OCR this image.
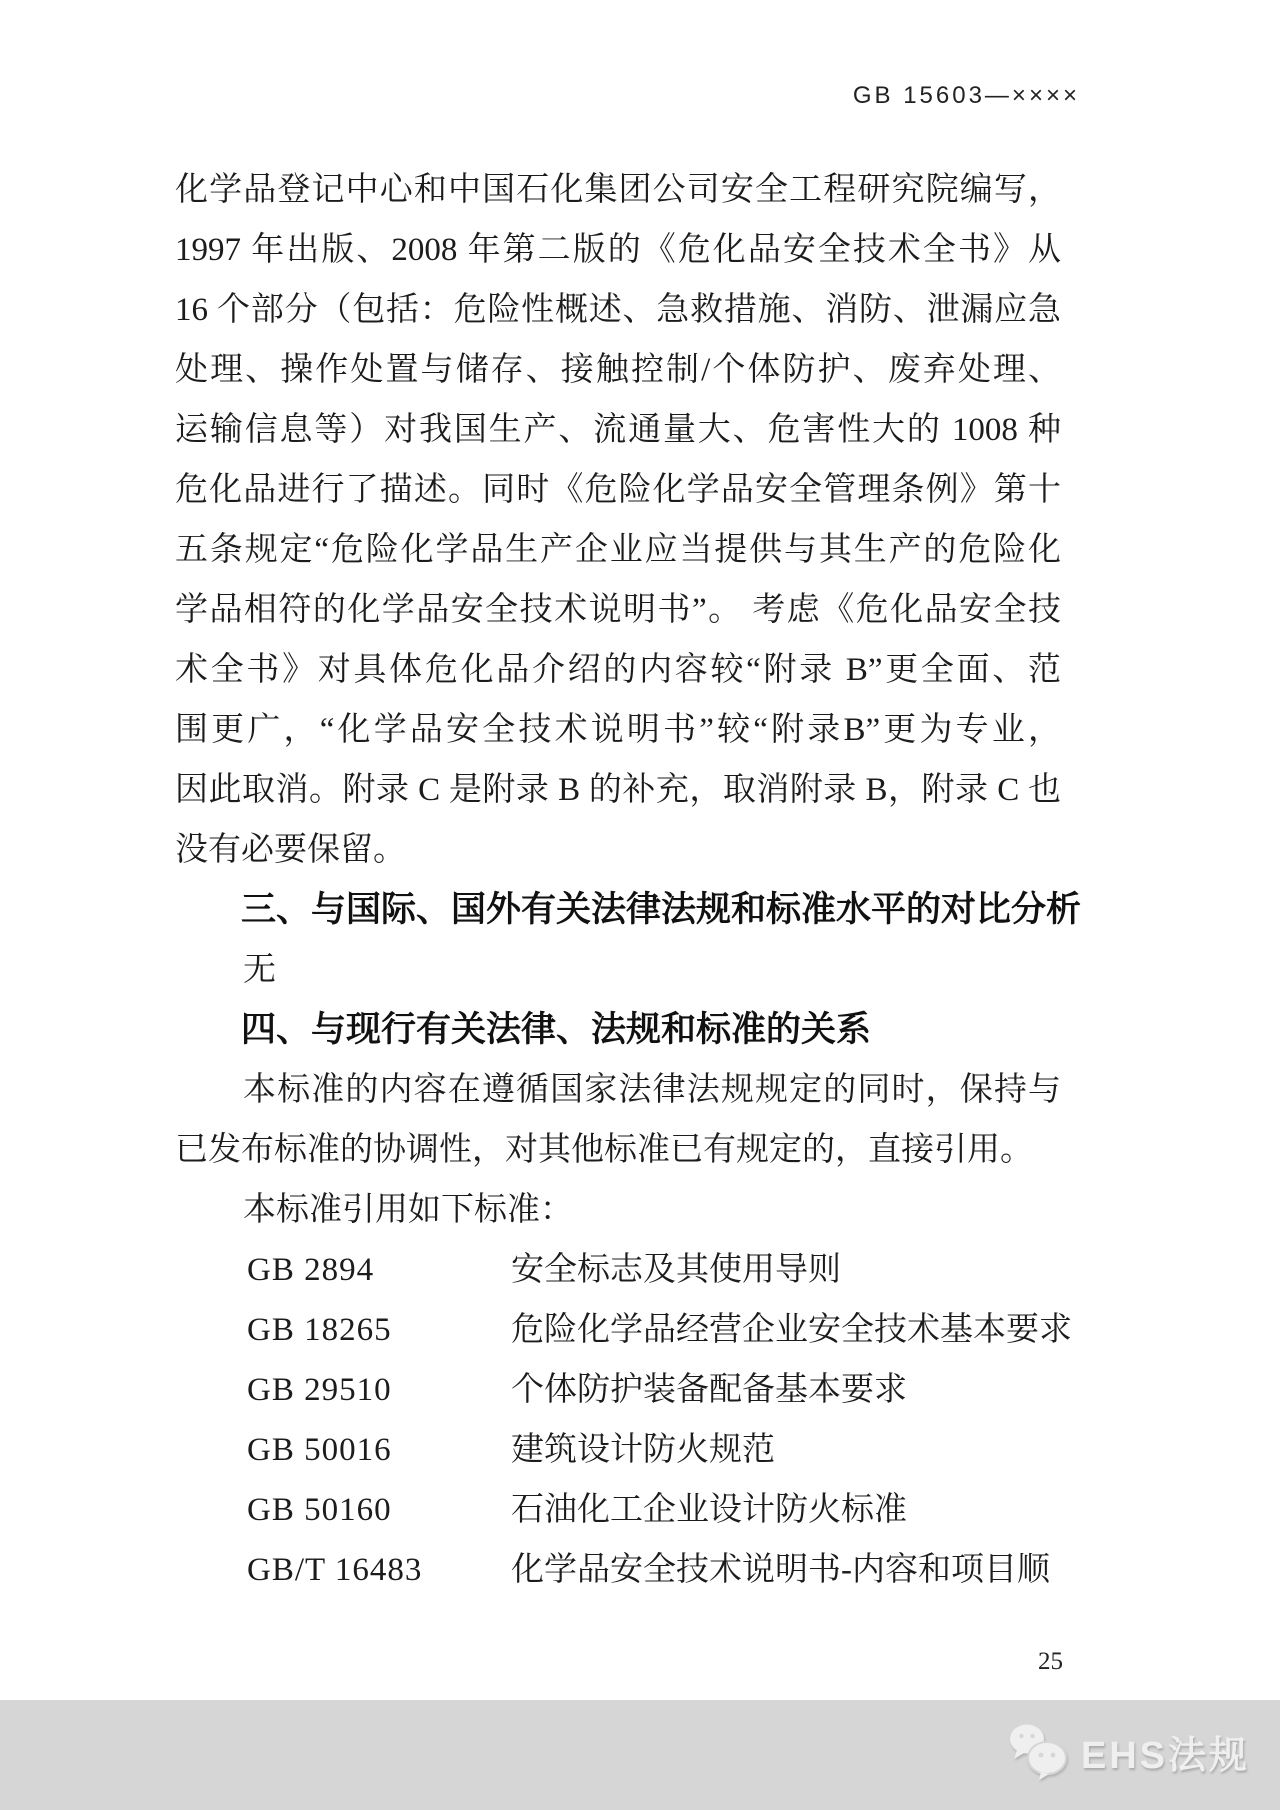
GB 15603—××××
化学品登记中心和中国石化集团公司安全工程研究院编写，
1997 年出版、2008 年第二版的《危化品安全技术全书》从
16 个部分（包括：危险性概述、急救措施、消防、泄漏应急
处理、操作处置与储存、接触控制/个体防护、废弃处理、
运输信息等）对我国生产、流通量大、危害性大的 1008 种
危化品进行了描述。同时《危险化学品安全管理条例》第十
五条规定“危险化学品生产企业应当提供与其生产的危险化
学品相符的化学品安全技术说明书”。 考虑《危化品安全技
术全书》对具体危化品介绍的内容较“附录 B”更全面、范
围更广，“化学品安全技术说明书”较“附录B”更为专业，
因此取消。附录 C 是附录 B 的补充，取消附录 B，附录 C 也
没有必要保留。
三、与国际、国外有关法律法规和标准水平的对比分析
无
四、与现行有关法律、法规和标准的关系
本标准的内容在遵循国家法律法规规定的同时，保持与
已发布标准的协调性，对其他标准已有规定的，直接引用。
本标准引用如下标准：
GB 2894	安全标志及其使用导则
GB 18265	危险化学品经营企业安全技术基本要求
GB 29510	个体防护装备配备基本要求
GB 50016	建筑设计防火规范
GB 50160	石油化工企业设计防火标准
GB/T 16483	化学品安全技术说明书-内容和项目顺
25
EHS法规
